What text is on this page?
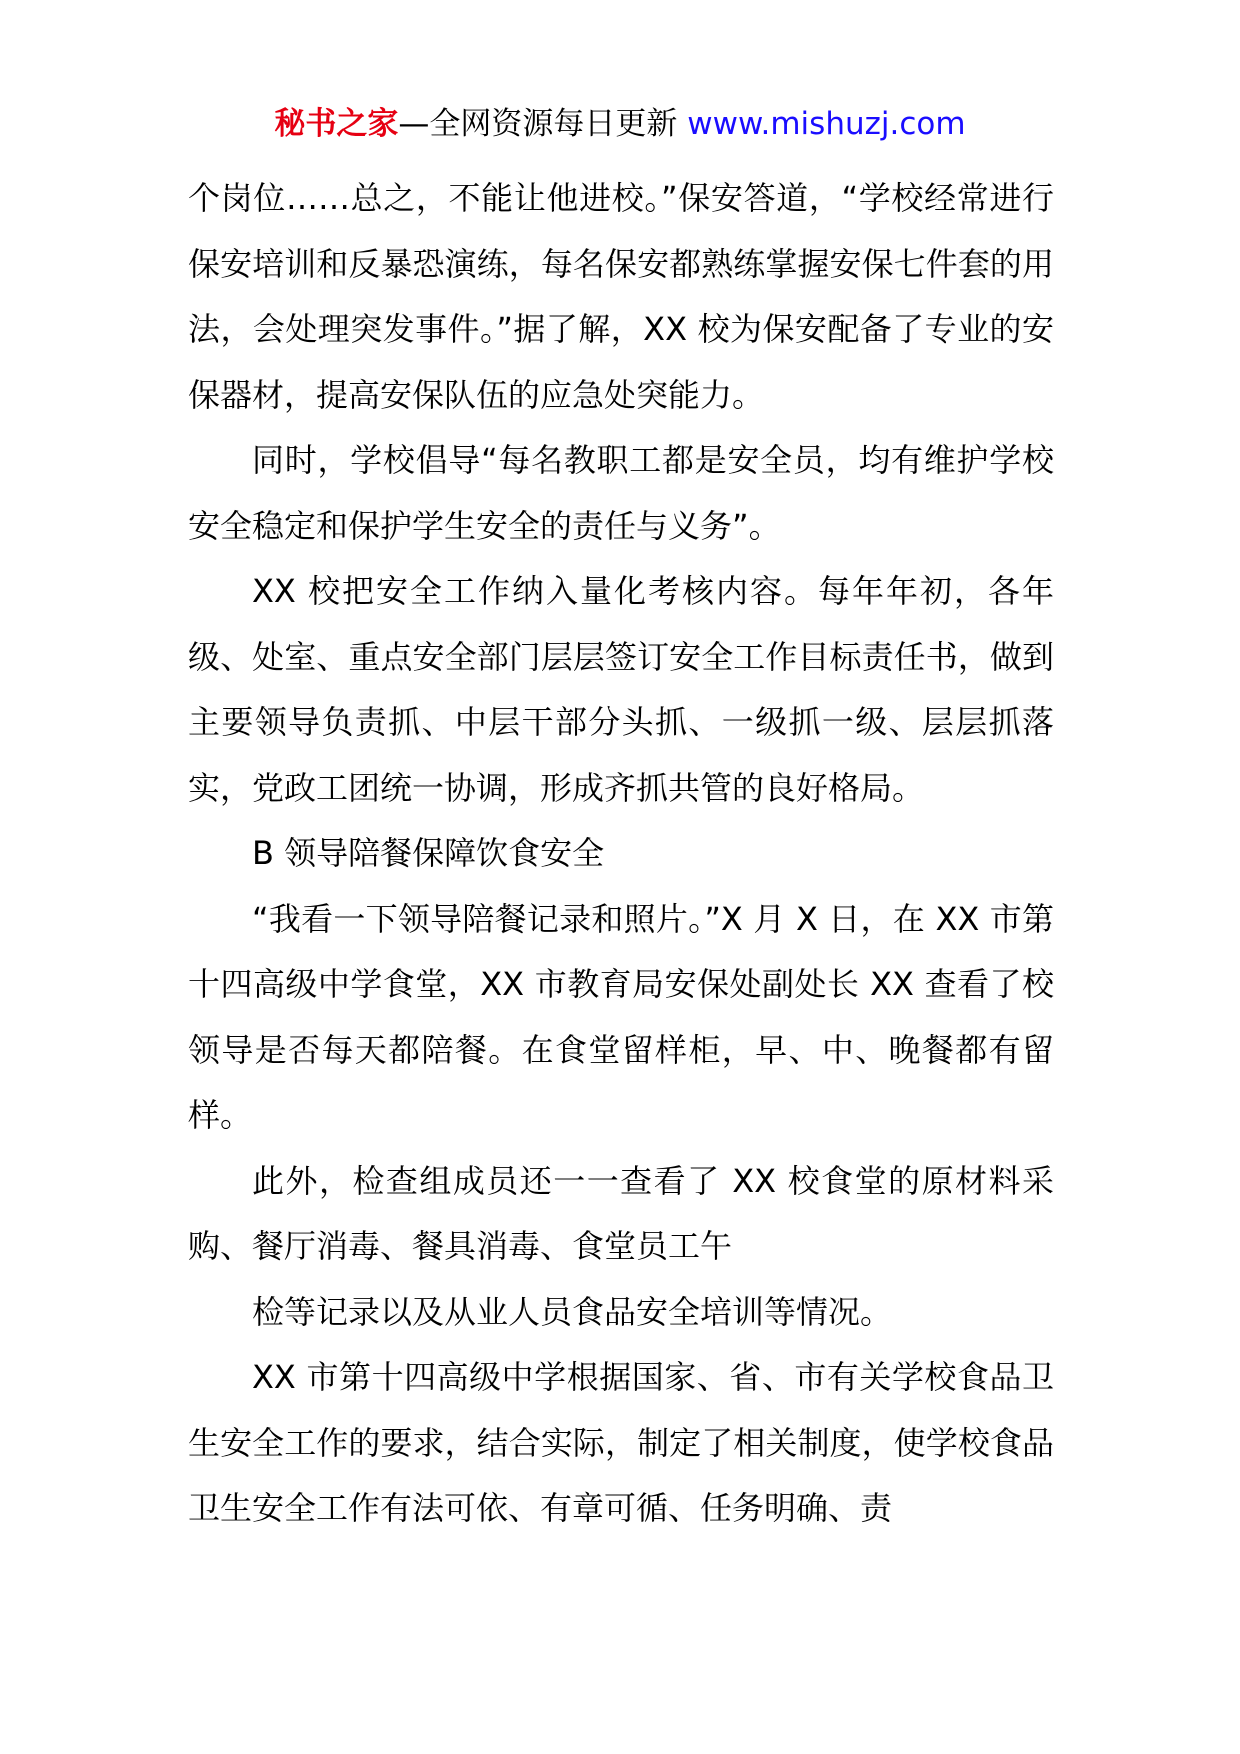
秘书之家—全网资源每日更新 www.mishuzj.com

个岗位……总之，不能让他进校。”保安答道，“学校经常进行保安培训和反暴恐演练，每名保安都熟练掌握安保七件套的用法，会处理突发事件。”据了解，XX 校为保安配备了专业的安保器材，提高安保队伍的应急处突能力。

同时，学校倡导“每名教职工都是安全员，均有维护学校安全稳定和保护学生安全的责任与义务”。

XX 校把安全工作纳入量化考核内容。每年年初，各年级、处室、重点安全部门层层签订安全工作目标责任书，做到主要领导负责抓、中层干部分头抓、一级抓一级、层层抓落实，党政工团统一协调，形成齐抓共管的良好格局。

B 领导陪餐保障饮食安全

“我看一下领导陪餐记录和照片。”X 月 X 日，在 XX 市第十四高级中学食堂，XX 市教育局安保处副处长 XX 查看了校领导是否每天都陪餐。在食堂留样柜，早、中、晚餐都有留样。

此外，检查组成员还一一查看了 XX 校食堂的原材料采购、餐厅消毒、餐具消毒、食堂员工午

检等记录以及从业人员食品安全培训等情况。

XX 市第十四高级中学根据国家、省、市有关学校食品卫生安全工作的要求，结合实际，制定了相关制度，使学校食品卫生安全工作有法可依、有章可循、任务明确、责
